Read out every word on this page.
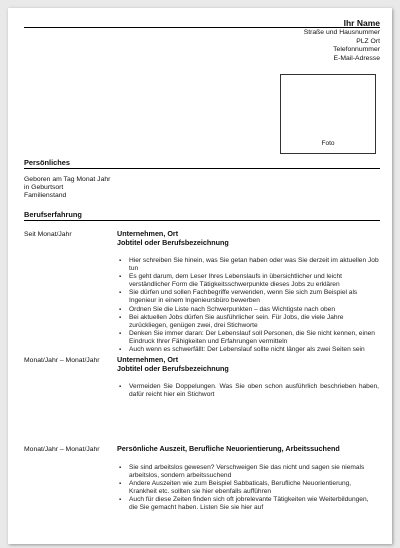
Ihr Name
Straße und Hausnummer
PLZ Ort
Telefonnummer
E-Mail-Adresse
Foto
Persönliches
Geboren am Tag Monat Jahr
in Geburtsort
Familienstand
Berufserfahrung
Seit Monat/Jahr	Unternehmen, Ort
Jobtitel oder Berufsbezeichnung
▪ Hier schreiben Sie hinein, was Sie getan haben oder was Sie derzeit im aktuellen Job tun
▪ Es geht darum, dem Leser Ihres Lebenslaufs in übersichtlicher und leicht verständlicher Form die Tätigkeitsschwerpunkte dieses Jobs zu erklären
▪ Sie dürfen und sollen Fachbegriffe verwenden, wenn Sie sich zum Beispiel als Ingenieur in einem Ingenieursbüro bewerben
▪ Ordnen Sie die Liste nach Schwerpunkten – das Wichtigste nach oben
▪ Bei aktuellen Jobs dürfen Sie ausführlicher sein. Für Jobs, die viele Jahre zurückliegen, genügen zwei, drei Stichworte
▪ Denken Sie immer daran: Der Lebenslauf soll Personen, die Sie nicht kennen, einen Eindruck Ihrer Fähigkeiten und Erfahrungen vermitteln
▪ Auch wenn es schwerfällt: Der Lebenslauf sollte nicht länger als zwei Seiten sein
Monat/Jahr – Monat/Jahr Unternehmen, Ort
Jobtitel oder Berufsbezeichnung
▪ Vermeiden Sie Doppelungen. Was Sie oben schon ausführlich beschrieben haben, dafür reicht hier ein Stichwort
Monat/Jahr – Monat/Jahr Persönliche Auszeit, Berufliche Neuorientierung, Arbeitssuchend
▪ Sie sind arbeitslos gewesen? Verschweigen Sie das nicht und sagen sie niemals arbeitslos, sondern arbeitssuchend
▪ Andere Auszeiten wie zum Beispiel Sabbaticals, Berufliche Neuorientierung, Krankheit etc. sollten sie hier ebenfalls aufführen
▪ Auch für diese Zeiten finden sich oft jobrelevante Tätigkeiten wie Weiterbildungen, die Sie gemacht haben. Listen Sie sie hier auf
